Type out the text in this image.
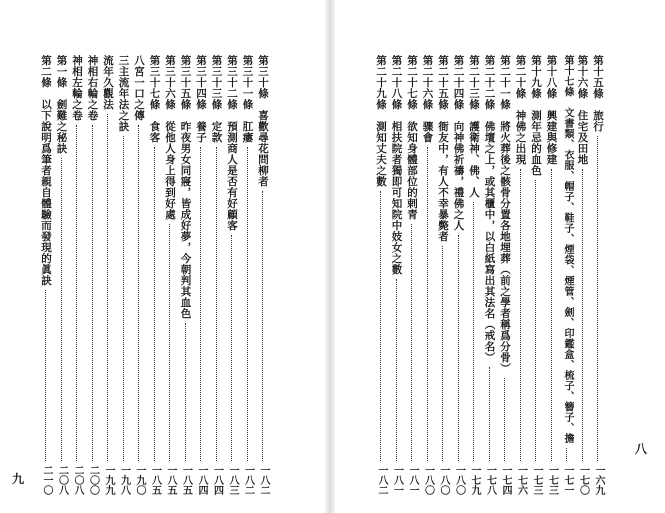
第三十條　喜歡尋花問柳者
一八二
第三十一條　肛瘻
一八二
第三十二條　預測商人是否有好顧客
一八三
第三十三條　定款
一八四
第三十四條　養子
一八四
第三十五條　昨夜男女同寢，皆成好夢，今朝判其血色
一八五
第三十六條　從他人身上得到好處
一八五
第三十七條　食客
一八五
八宮一口之傳
一九〇
三主流年法之訣
一九八
流年久觀法
一九九
神相右輪之卷
二〇〇
神相左輪之卷
二〇八
第一條　劍難之秘訣
二〇八
第二條　以下說明爲筆者親自體驗而發現的眞訣
二一〇
九
第十五條　旅行
一六九
第十六條　住宅及田地
一七〇
第十七條　文書類、衣服、帽子、鞋子、煙袋、煙管、劍、印鑑盒、梳子、簪子、擔
一七一
第十八條　興建與修建
一七三
第十九條　測年忌的血色
一七三
第二十條　神佛之出現
一七六
第二十一條　將火葬後之骸骨分置各地埋葬（前之學者稱爲分骨）
一七四
第二十二條　佛壇之上，或其櫃中，以白紙寫出其法名（戒名）
一七八
第二十三條　護衛神、佛、人
一七九
第二十四條　向神佛祈禱，禮佛之人
一八〇
第二十五條　衙友中，有人不幸暴斃者
一八〇
第二十六條　骤會
一八〇
第二十七條　欲知身體部位的剌青
一八一
第二十八條　相扶院者獨即可知院中妓女之數
一八一
第二十九條　測知丈夫之數
一八二
八
